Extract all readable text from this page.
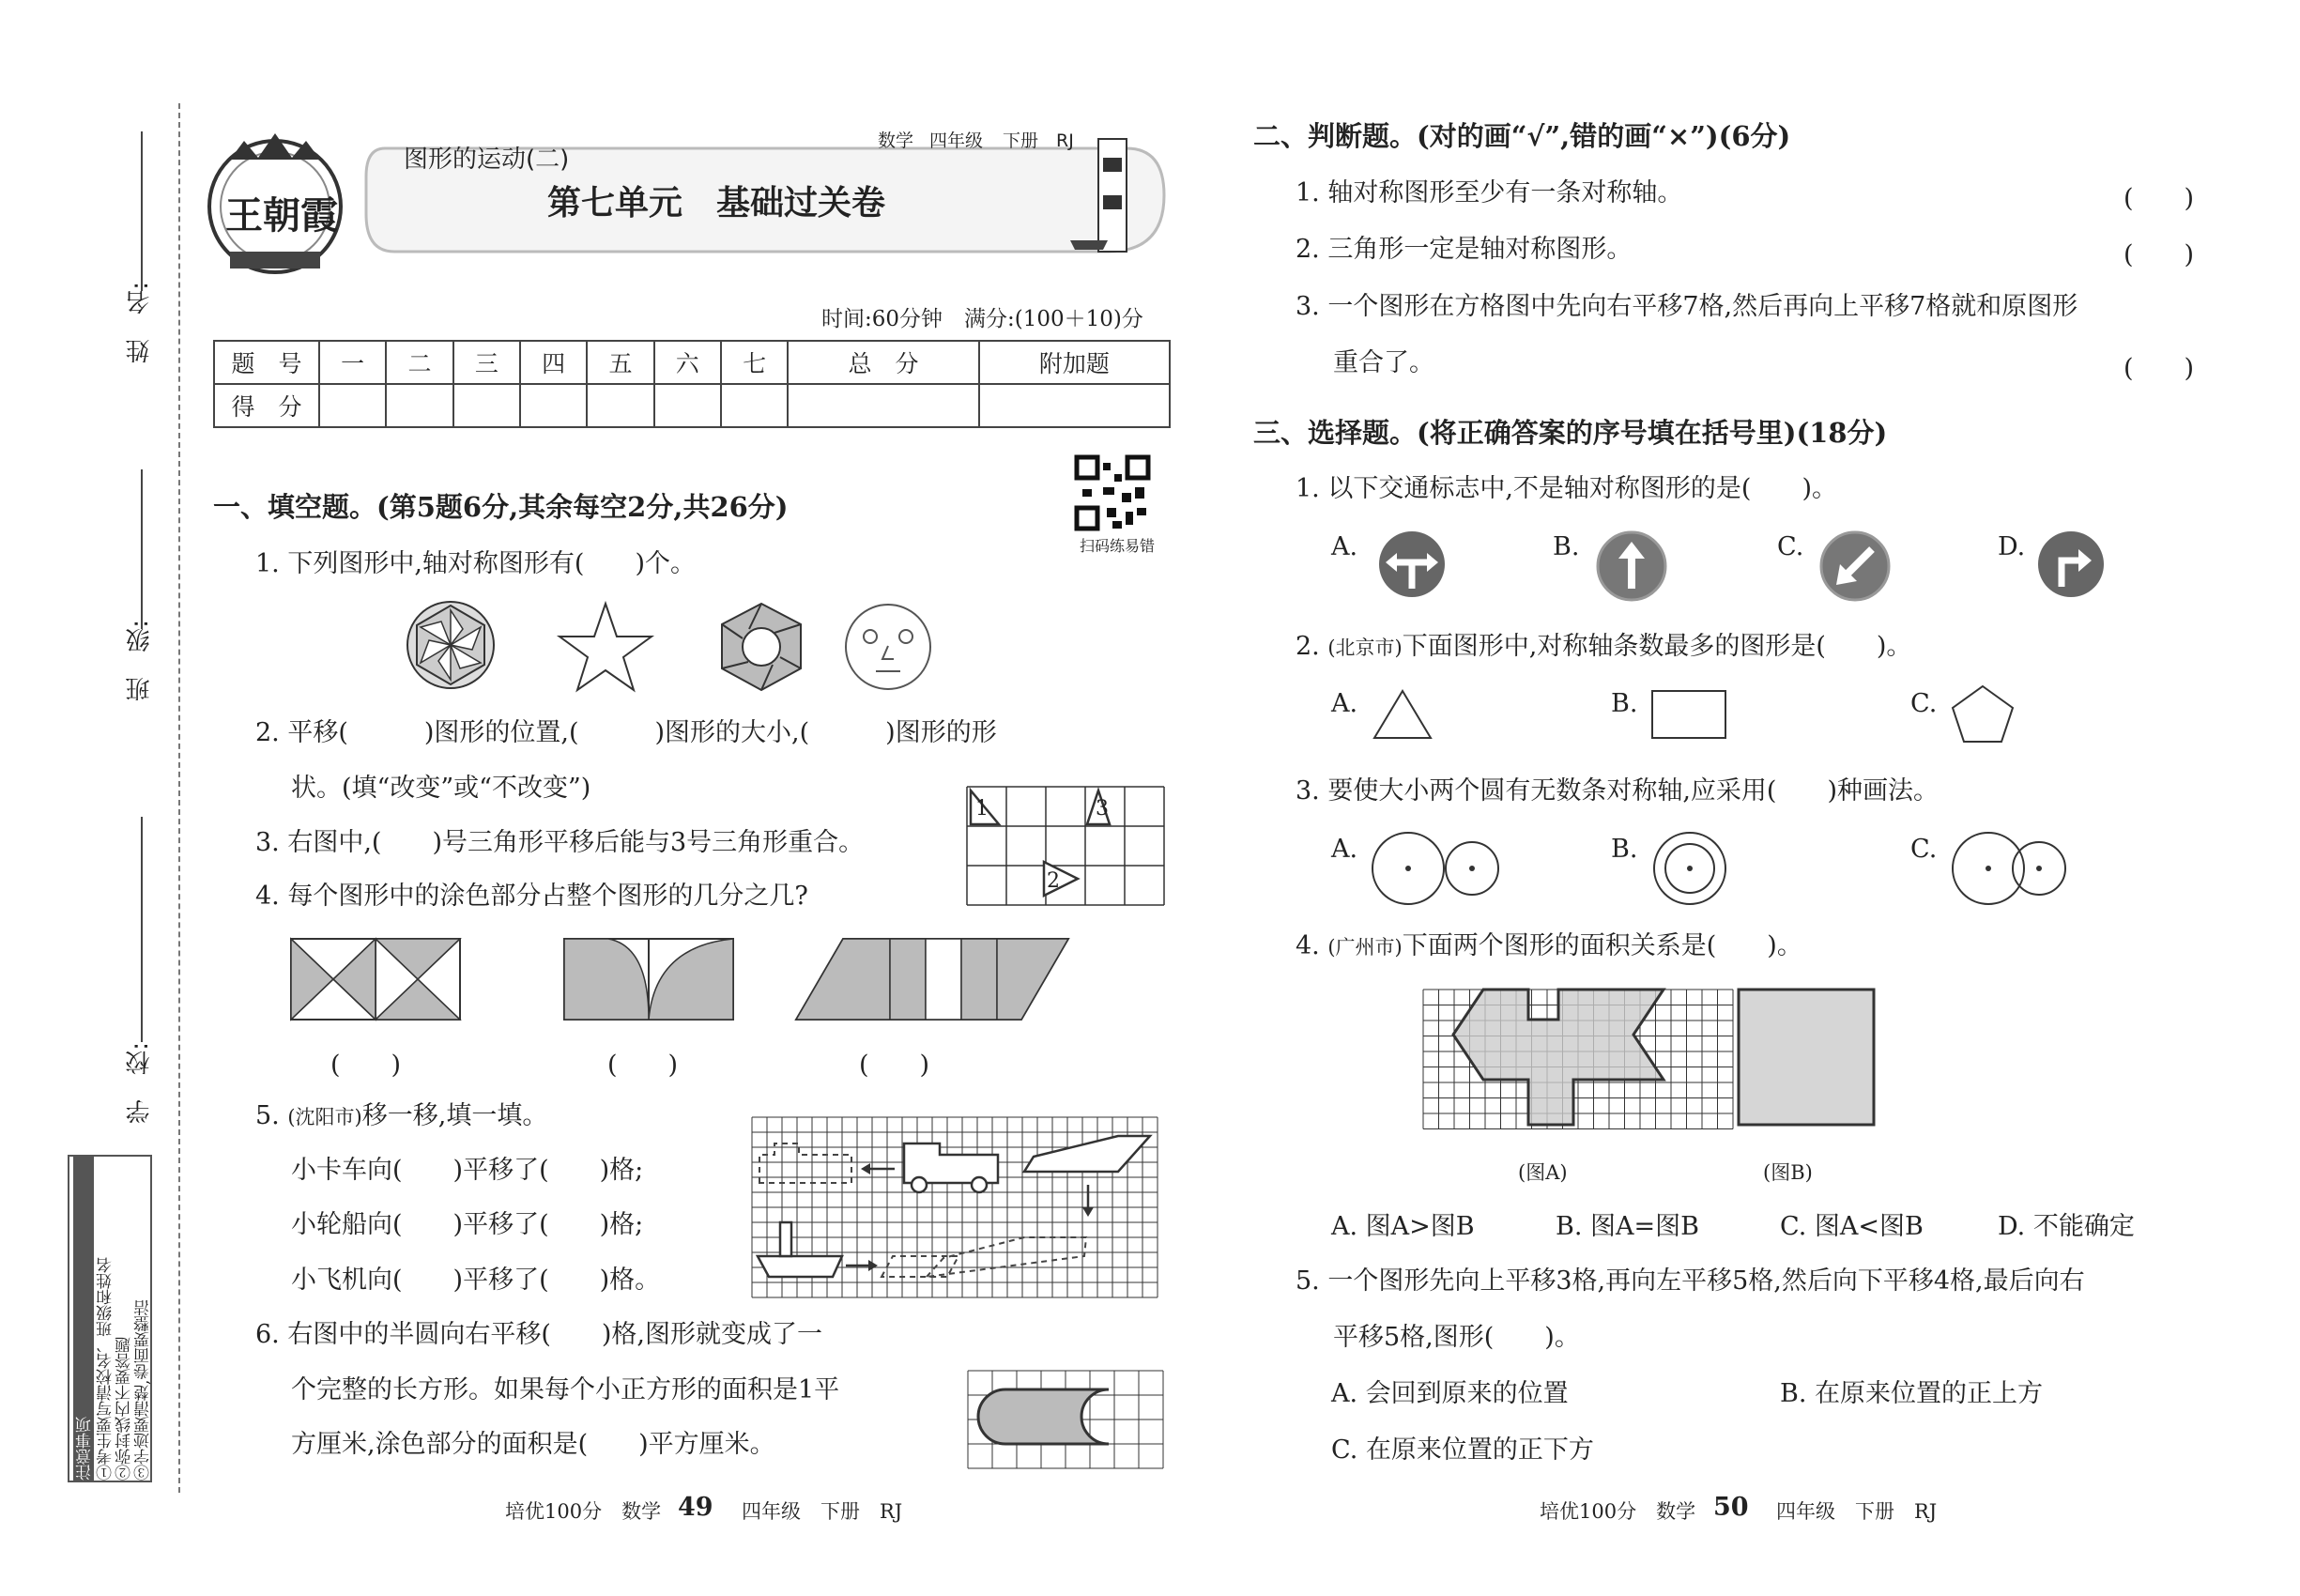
姓　名:
班　级:
学　校:
③字迹要清楚,卷面要整洁
②弥封线内不要答题
①考生要写清校名、班级和姓名
注意事项
王朝霞
图形的运动(二)
数学 四年级 下册 RJ
第七单元　基础过关卷
时间:60分钟　满分:(100＋10)分
题　号	一	二	三	四	五	六	七	总　分	附加题
得　分									
扫码练易错
一、填空题。(第5题6分,其余每空2分,共26分)
1. 下列图形中,轴对称图形有(　　)个。
2. 平移(　　　)图形的位置,(　　　)图形的大小,(　　　)图形的形
状。(填“改变”或“不改变”)
3. 右图中,(　　)号三角形平移后能与3号三角形重合。
1	3
2
4. 每个图形中的涂色部分占整个图形的几分之几?
(　　)	(　　)	(　　)
5. (沈阳市)移一移,填一填。
小卡车向(　　)平移了(　　)格;
小轮船向(　　)平移了(　　)格;
小飞机向(　　)平移了(　　)格。
6. 右图中的半圆向右平移(　　)格,图形就变成了一
个完整的长方形。如果每个小正方形的面积是1平
方厘米,涂色部分的面积是(　　)平方厘米。
培优100分　数学 49 四年级　下册　RJ
二、判断题。(对的画“√”,错的画“×”)(6分)
1. 轴对称图形至少有一条对称轴。	(　　)
2. 三角形一定是轴对称图形。	(　　)
3. 一个图形在方格图中先向右平移7格,然后再向上平移7格就和原图形
重合了。	(　　)
三、选择题。(将正确答案的序号填在括号里)(18分)
1. 以下交通标志中,不是轴对称图形的是(　　)。
A.	B.	C.	D.
2. (北京市)下面图形中,对称轴条数最多的图形是(　　)。
A.	B.	C.
3. 要使大小两个圆有无数条对称轴,应采用(　　)种画法。
A.	B.	C.
4. (广州市)下面两个图形的面积关系是(　　)。
(图A)	(图B)
A. 图A>图B	B. 图A=图B	C. 图A<图B	D. 不能确定
5. 一个图形先向上平移3格,再向左平移5格,然后向下平移4格,最后向右
平移5格,图形(　　)。
A. 会回到原来的位置	B. 在原来位置的正上方
C. 在原来位置的正下方
培优100分　数学 50 四年级　下册　RJ
